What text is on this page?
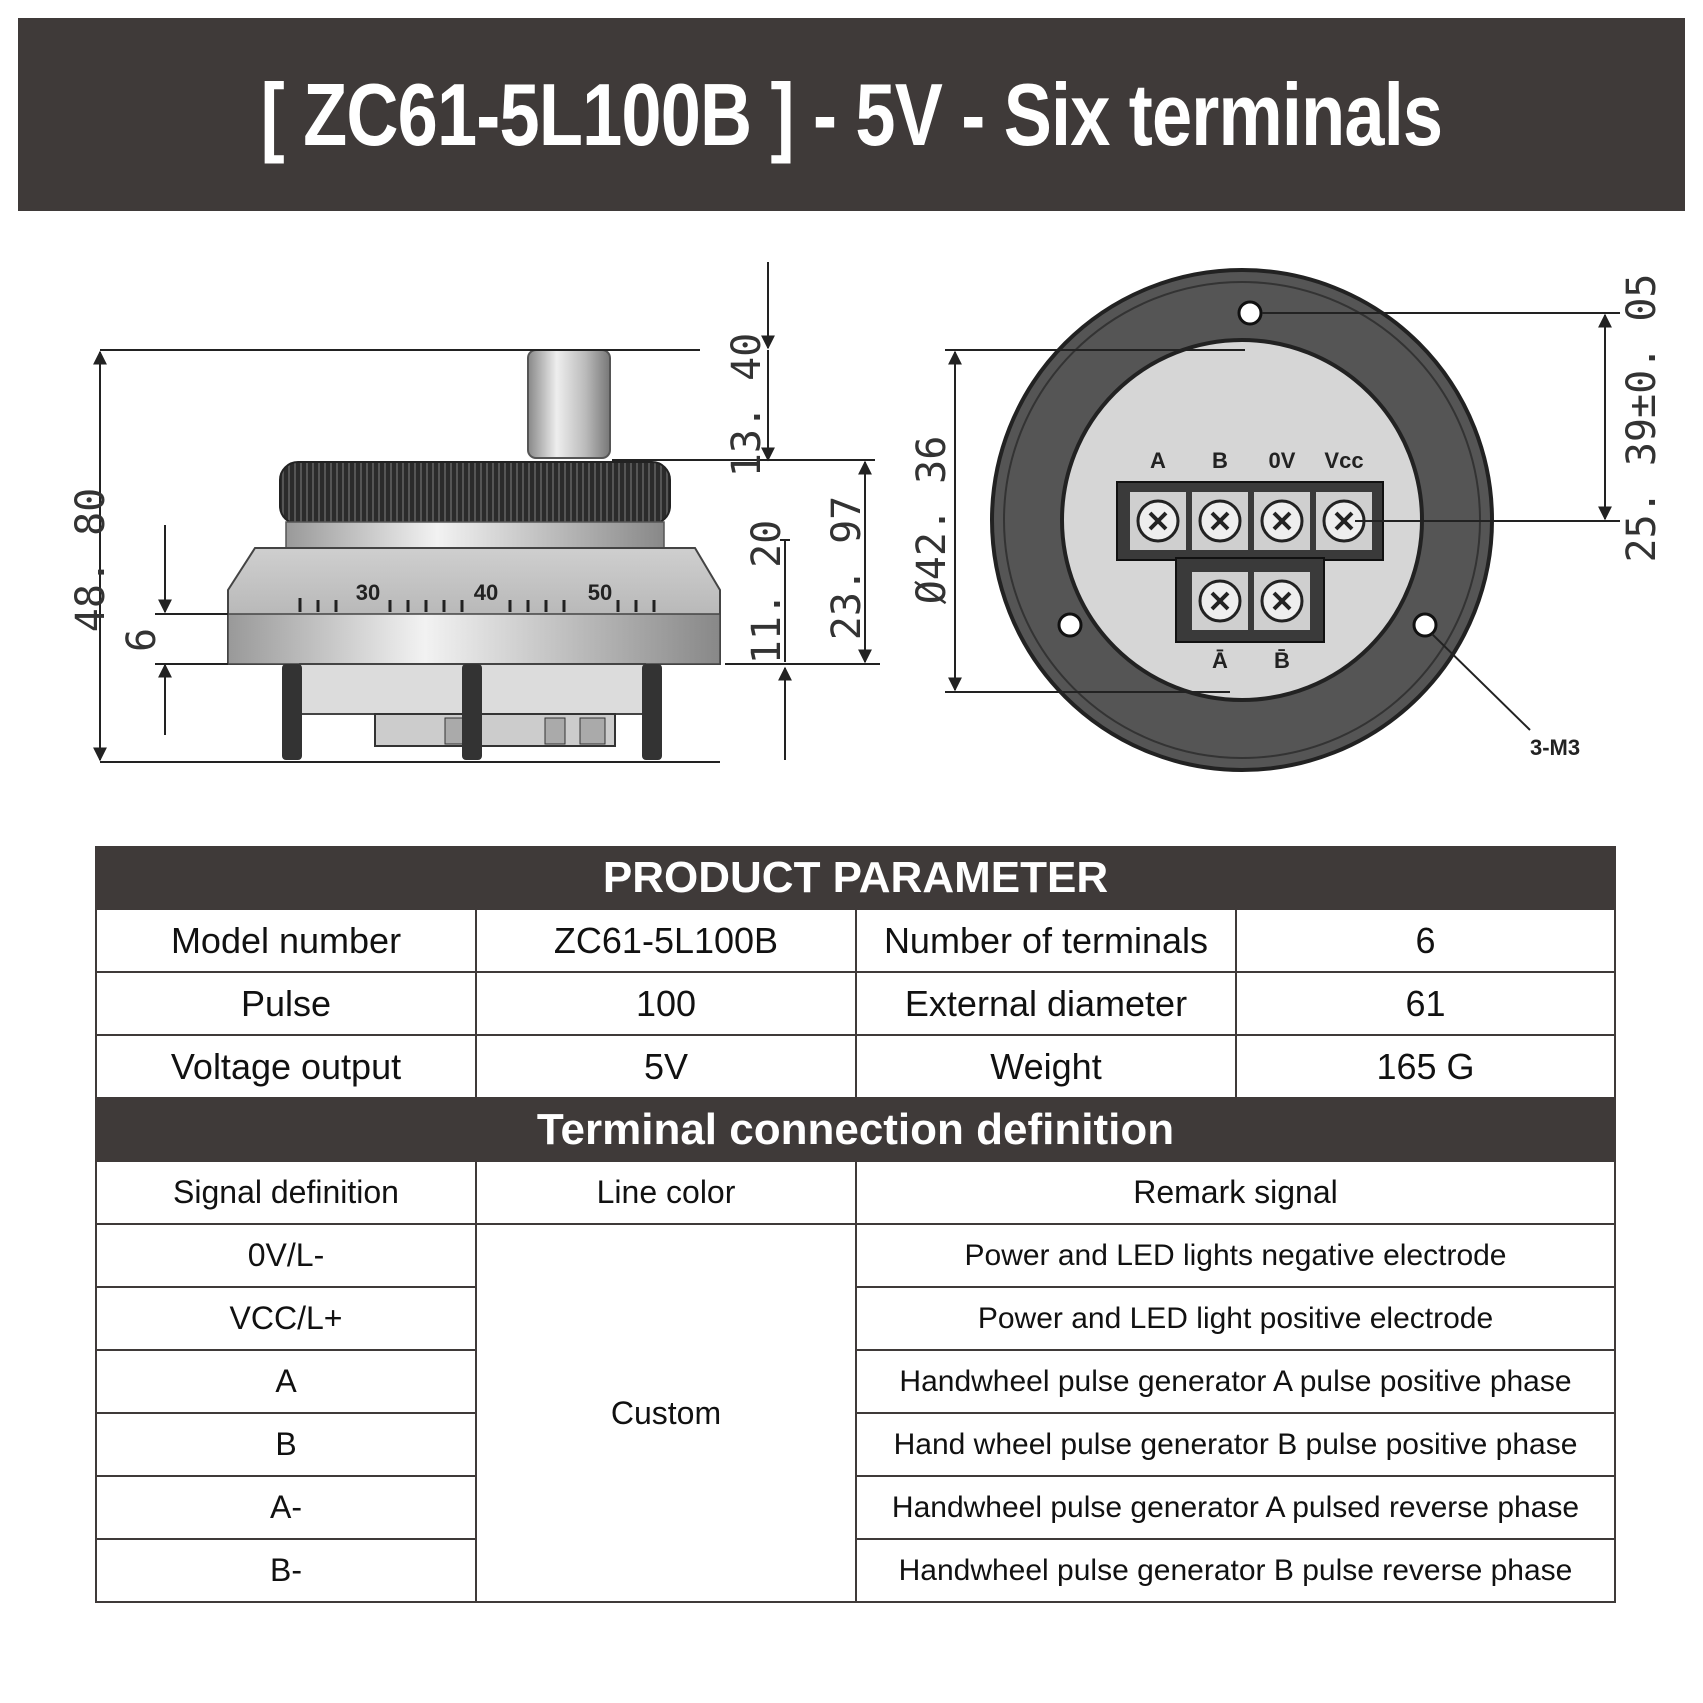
[ ZC61-5L100B ] - 5V - Six terminals
30	40	50
48. 80
6
13. 40
11. 20 23. 97
A B 0V Vcc
Ā B̄
Ø42. 36	25. 39±0. 05
3-M3
PRODUCT PARAMETER			
Model number	ZC61-5L100B	Number of terminals	6
Pulse	100	External diameter	61
Voltage output	5V	Weight	165 G
Terminal connection definition			
Signal definition	Line color	Remark signal	
0V/L-	Custom	Power and LED lights negative electrode	
VCC/L+		Power and LED light positive electrode	
A		Handwheel pulse generator A pulse positive phase	
B		Hand wheel pulse generator B pulse positive phase	
A-		Handwheel pulse generator A pulsed reverse phase	
B-		Handwheel pulse generator B pulse reverse phase	
